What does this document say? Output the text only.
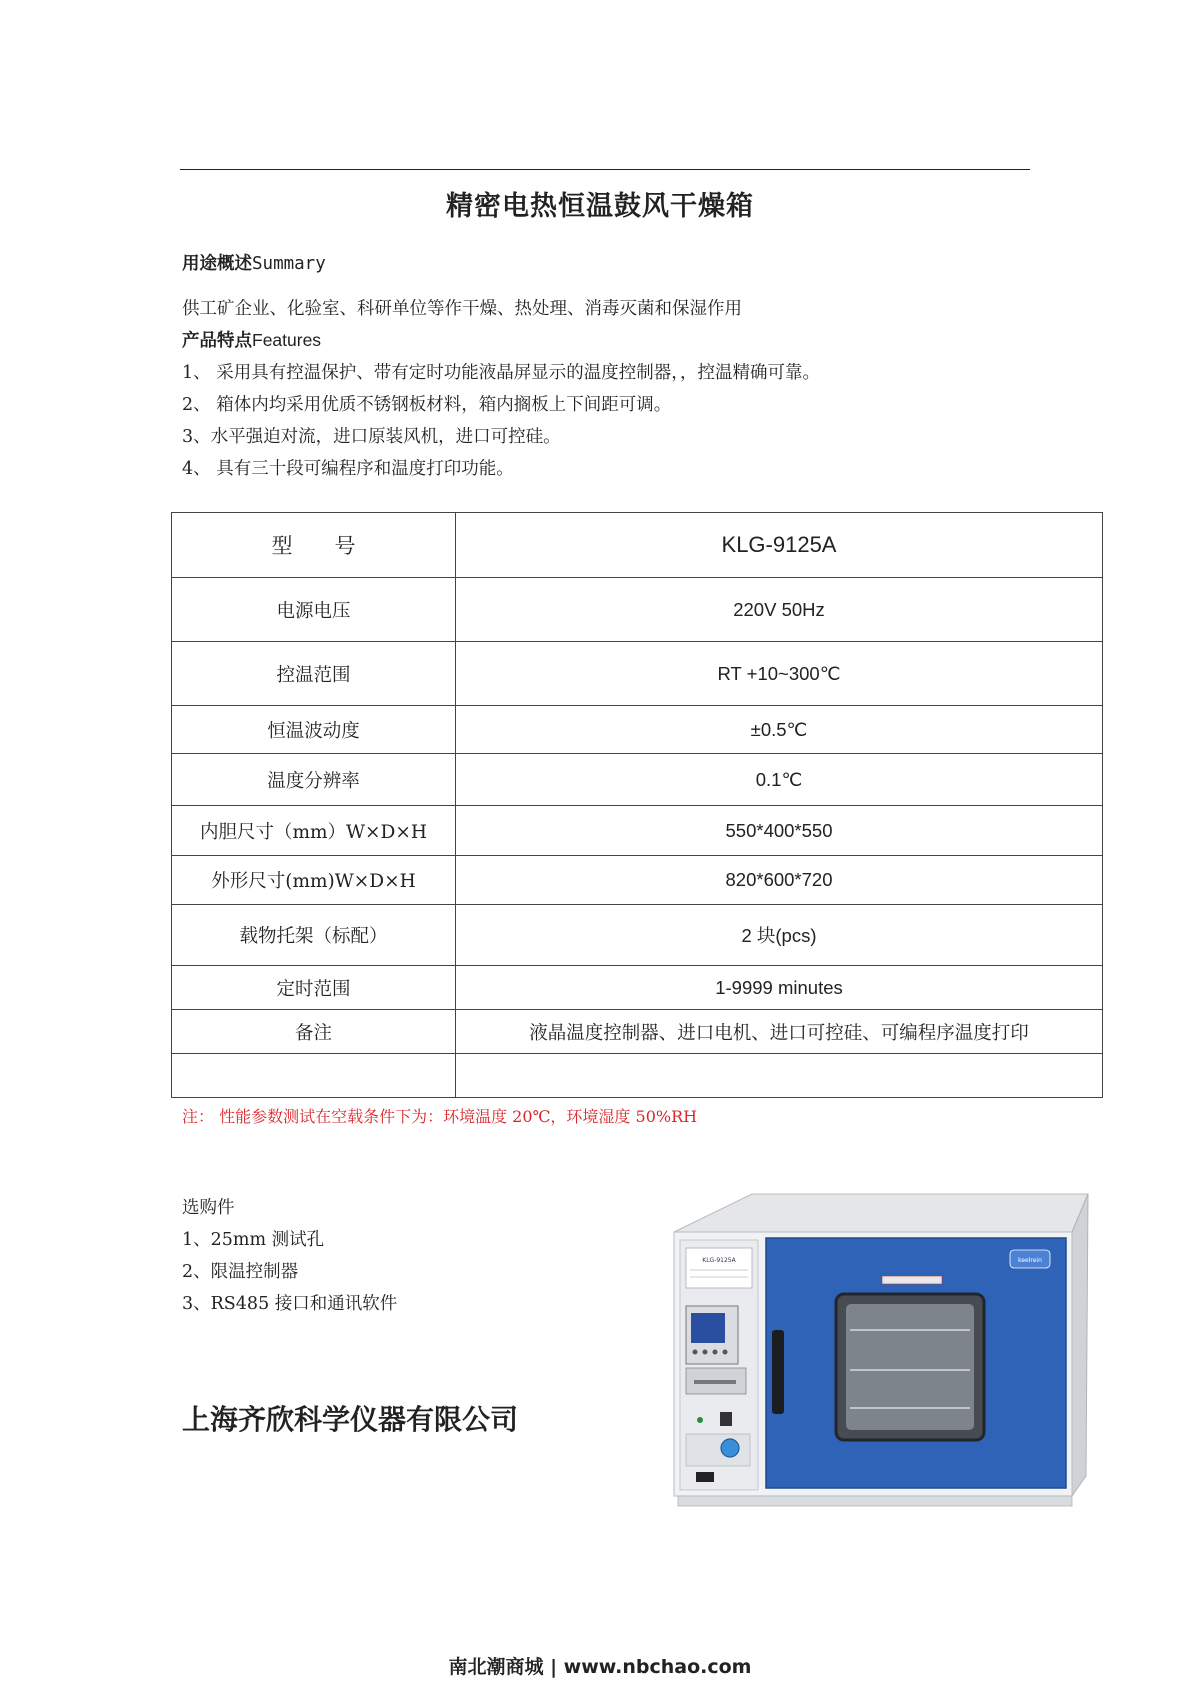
精密电热恒温鼓风干燥箱
用途概述Summary
供工矿企业、化验室、科研单位等作干燥、热处理、消毒灭菌和保湿作用
产品特点Features
1、 采用具有控温保护、带有定时功能液晶屏显示的温度控制器，，控温精确可靠。
2、 箱体内均采用优质不锈钢板材料，箱内搁板上下间距可调。
3、水平强迫对流，进口原装风机，进口可控硅。
4、 具有三十段可编程序和温度打印功能。
型　　号	KLG-9125A
电源电压	220V 50Hz
控温范围	RT +10~300℃
恒温波动度	±0.5℃
温度分辨率	0.1℃
内胆尺寸（mm）W×D×H	550*400*550
外形尺寸(mm)W×D×H	820*600*720
载物托架（标配）	2 块(pcs)
定时范围	1-9999 minutes
备注	液晶温度控制器、进口电机、进口可控硅、可编程序温度打印

注： 性能参数测试在空载条件下为：环境温度 20℃，环境湿度 50%RH
选购件
1、25mm 测试孔
2、限温控制器
3、RS485 接口和通讯软件
上海齐欣科学仪器有限公司
KLG-9125A	keelrein
南北潮商城 | www.nbchao.com
